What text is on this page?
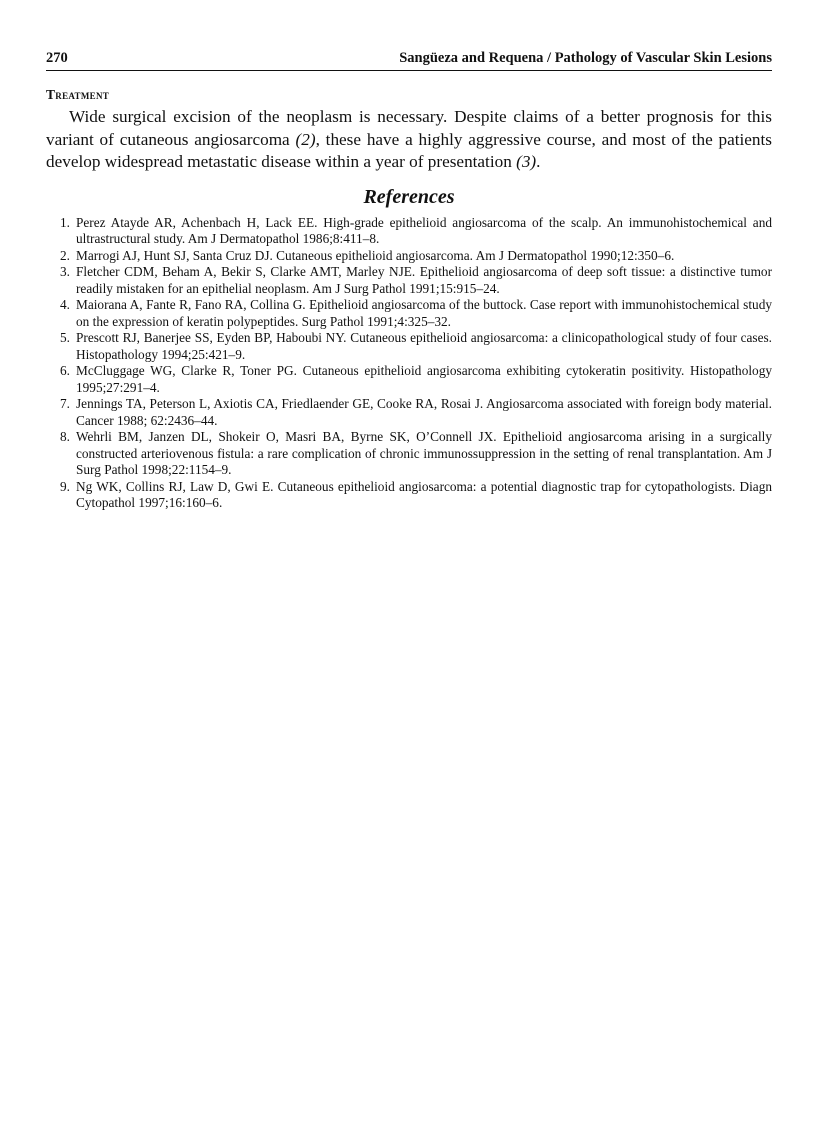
270	Sangüeza and Requena / Pathology of Vascular Skin Lesions
Treatment

Wide surgical excision of the neoplasm is necessary. Despite claims of a better prognosis for this variant of cutaneous angiosarcoma (2), these have a highly aggressive course, and most of the patients develop widespread metastatic disease within a year of presentation (3).

References
1. Perez Atayde AR, Achenbach H, Lack EE. High-grade epithelioid angiosarcoma of the scalp. An immunohistochemical and ultrastructural study. Am J Dermatopathol 1986;8:411–8.
2. Marrogi AJ, Hunt SJ, Santa Cruz DJ. Cutaneous epithelioid angiosarcoma. Am J Dermatopathol 1990;12:350–6.
3. Fletcher CDM, Beham A, Bekir S, Clarke AMT, Marley NJE. Epithelioid angiosarcoma of deep soft tissue: a distinctive tumor readily mistaken for an epithelial neoplasm. Am J Surg Pathol 1991;15:915–24.
4. Maiorana A, Fante R, Fano RA, Collina G. Epithelioid angiosarcoma of the buttock. Case report with immunohistochemical study on the expression of keratin polypeptides. Surg Pathol 1991;4:325–32.
5. Prescott RJ, Banerjee SS, Eyden BP, Haboubi NY. Cutaneous epithelioid angiosarcoma: a clinicopathological study of four cases. Histopathology 1994;25:421–9.
6. McCluggage WG, Clarke R, Toner PG. Cutaneous epithelioid angiosarcoma exhibiting cytokeratin positivity. Histopathology 1995;27:291–4.
7. Jennings TA, Peterson L, Axiotis CA, Friedlaender GE, Cooke RA, Rosai J. Angiosarcoma associated with foreign body material. Cancer 1988; 62:2436–44.
8. Wehrli BM, Janzen DL, Shokeir O, Masri BA, Byrne SK, O’Connell JX. Epithelioid angiosarcoma arising in a surgically constructed arteriovenous fistula: a rare complication of chronic immunossuppression in the setting of renal transplantation. Am J Surg Pathol 1998;22:1154–9.
9. Ng WK, Collins RJ, Law D, Gwi E. Cutaneous epithelioid angiosarcoma: a potential diagnostic trap for cytopathologists. Diagn Cytopathol 1997;16:160–6.
